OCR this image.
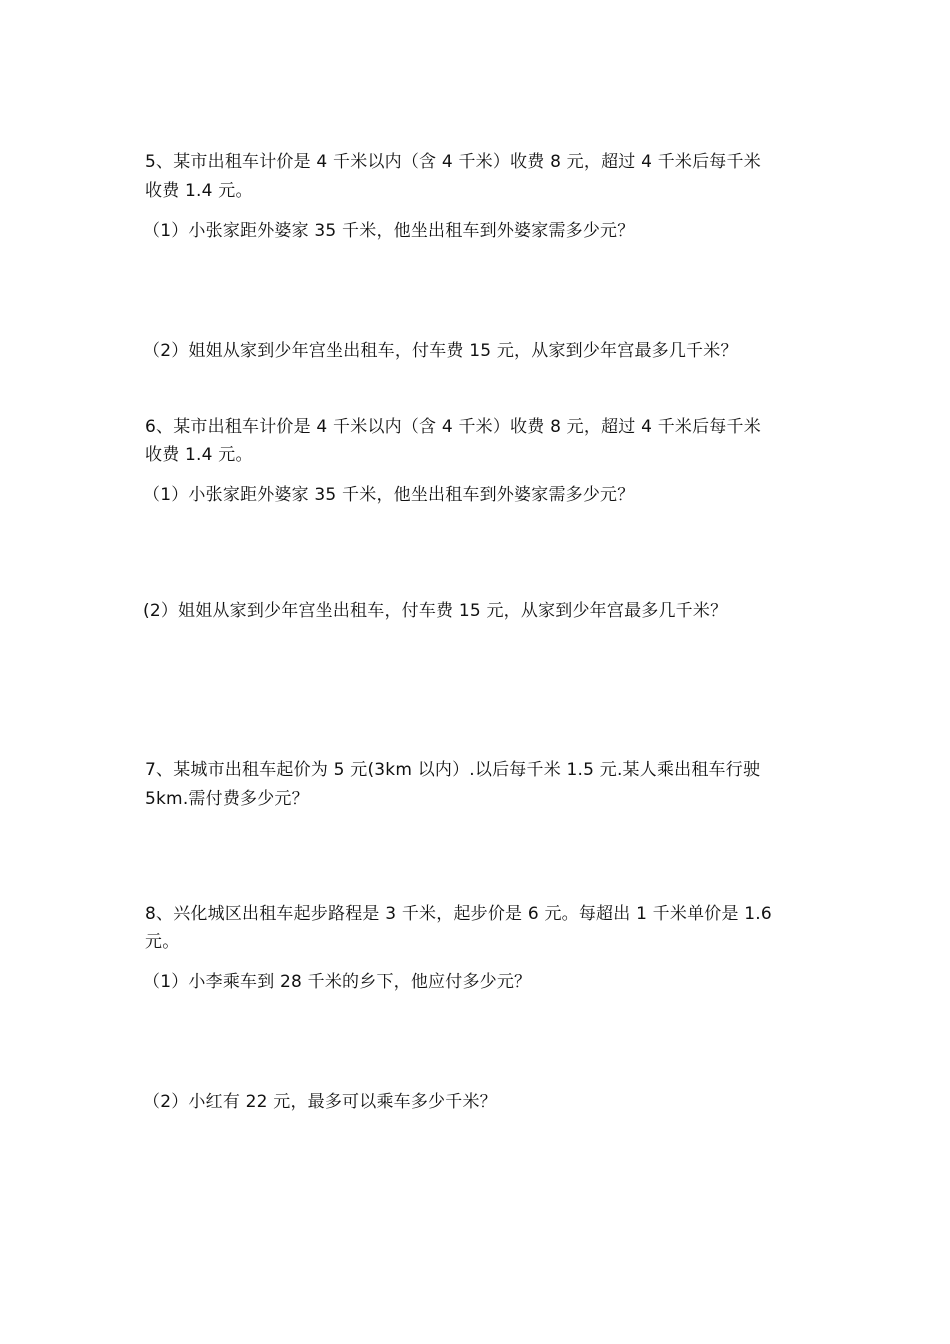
5、某市出租车计价是 4 千米以内（含 4 千米）收费 8 元，超过 4 千米后每千米
收费 1.4 元。
（1）小张家距外婆家 35 千米，他坐出租车到外婆家需多少元？
（2）姐姐从家到少年宫坐出租车，付车费 15 元，从家到少年宫最多几千米？
6、某市出租车计价是 4 千米以内（含 4 千米）收费 8 元，超过 4 千米后每千米
收费 1.4 元。
（1）小张家距外婆家 35 千米，他坐出租车到外婆家需多少元？
(2）姐姐从家到少年宫坐出租车，付车费 15 元，从家到少年宫最多几千米？
7、某城市出租车起价为 5 元(3km 以内）.以后每千米 1.5 元.某人乘出租车行驶
5km.需付费多少元？
8、兴化城区出租车起步路程是 3 千米，起步价是 6 元。每超出 1 千米单价是 1.6
元。
（1）小李乘车到 28 千米的乡下，他应付多少元？
（2）小红有 22 元，最多可以乘车多少千米？
